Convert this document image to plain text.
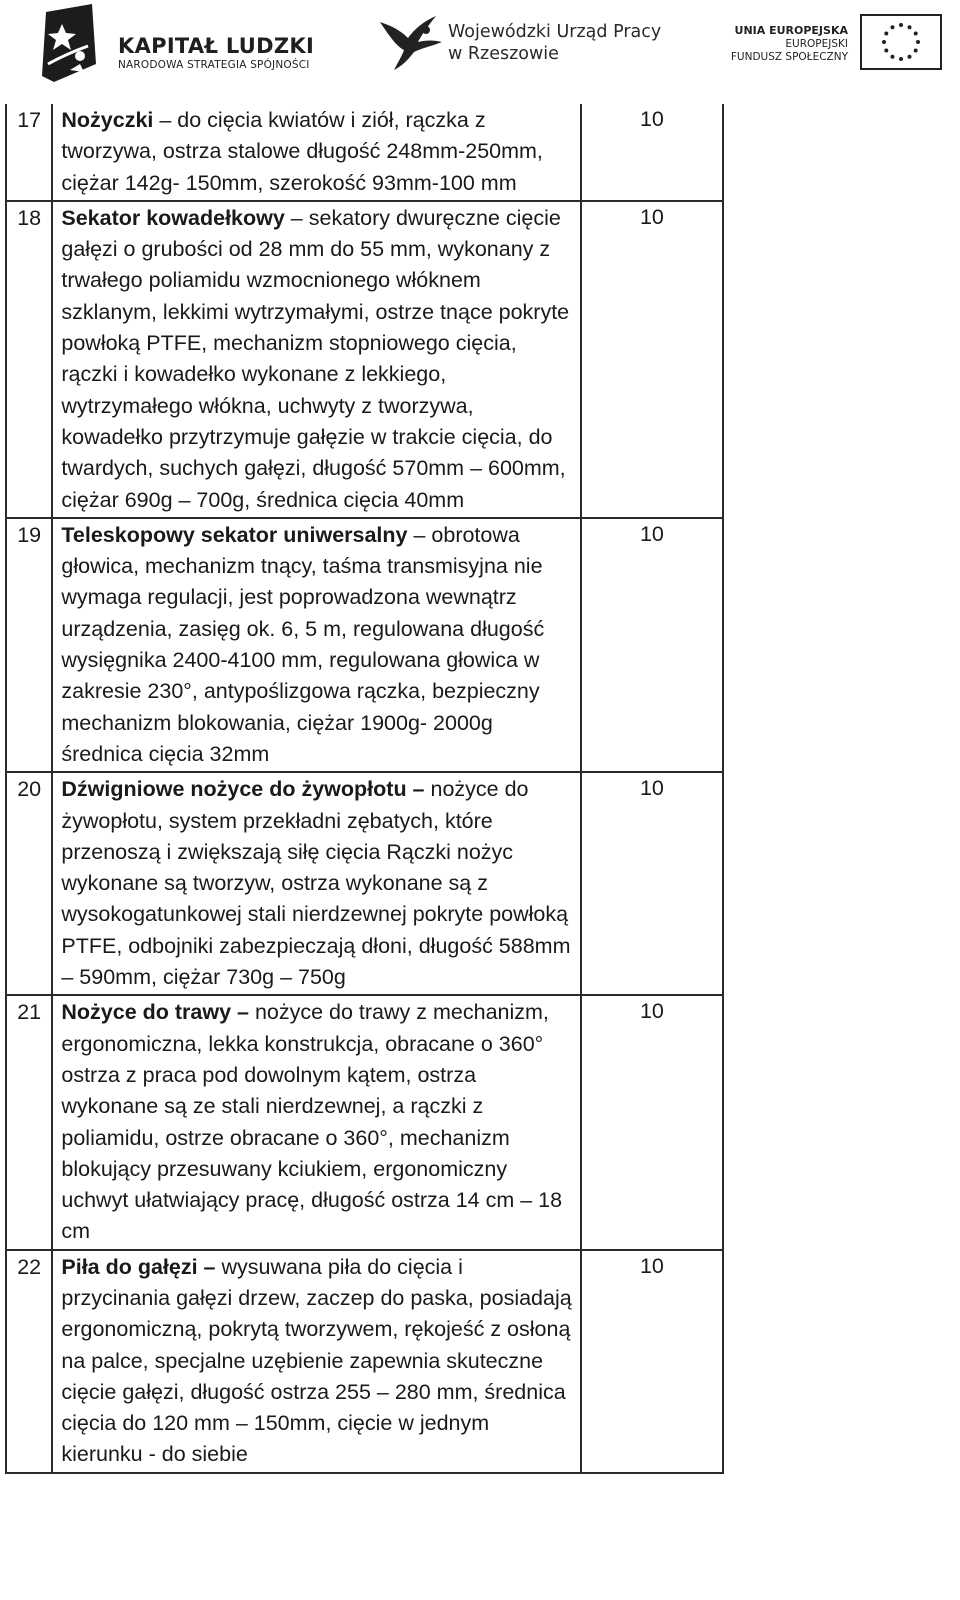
KAPITAŁ LUDZKI
NARODOWA STRATEGIA SPÓJNOŚCI
Wojewódzki Urząd Pracy
w Rzeszowie
UNIA EUROPEJSKA
EUROPEJSKI
FUNDUSZ SPOŁECZNY
17	Nożyczki – do cięcia kwiatów i ziół, rączka z tworzywa, ostrza stalowe długość 248mm-250mm, ciężar 142g- 150mm, szerokość 93mm-100 mm	10
18	Sekator kowadełkowy – sekatory dwuręczne cięcie gałęzi o grubości od 28 mm do 55 mm, wykonany z trwałego poliamidu wzmocnionego włóknem szklanym, lekkimi wytrzymałymi, ostrze tnące pokryte powłoką PTFE, mechanizm stopniowego cięcia, rączki i kowadełko wykonane z lekkiego, wytrzymałego włókna, uchwyty z tworzywa, kowadełko przytrzymuje gałęzie w trakcie cięcia, do twardych, suchych gałęzi, długość 570mm – 600mm, ciężar 690g – 700g, średnica cięcia 40mm	10
19	Teleskopowy sekator uniwersalny – obrotowa głowica, mechanizm tnący, taśma transmisyjna nie wymaga regulacji, jest poprowadzona wewnątrz urządzenia, zasięg ok. 6, 5 m, regulowana długość wysięgnika 2400-4100 mm, regulowana głowica w zakresie 230°, antypoślizgowa rączka, bezpieczny mechanizm blokowania, ciężar 1900g- 2000g średnica cięcia 32mm	10
20	Dźwigniowe nożyce do żywopłotu – nożyce do żywopłotu, system przekładni zębatych, które przenoszą i zwiększają siłę cięcia Rączki nożyc wykonane są tworzyw, ostrza wykonane są z wysokogatunkowej stali nierdzewnej pokryte powłoką PTFE, odbojniki zabezpieczają dłoni, długość 588mm – 590mm, ciężar 730g – 750g	10
21	Nożyce do trawy – nożyce do trawy z mechanizm, ergonomiczna, lekka konstrukcja, obracane o 360° ostrza z praca pod dowolnym kątem, ostrza wykonane są ze stali nierdzewnej, a rączki z poliamidu, ostrze obracane o 360°, mechanizm blokujący przesuwany kciukiem, ergonomiczny uchwyt ułatwiający pracę, długość ostrza 14 cm – 18 cm	10
22	Piła do gałęzi – wysuwana piła do cięcia i przycinania gałęzi drzew, zaczep do paska, posiadają ergonomiczną, pokrytą tworzywem, rękojeść z osłoną na palce, specjalne uzębienie zapewnia skuteczne cięcie gałęzi, długość ostrza 255 – 280 mm, średnica cięcia do 120 mm – 150mm, cięcie w jednym kierunku - do siebie	10
